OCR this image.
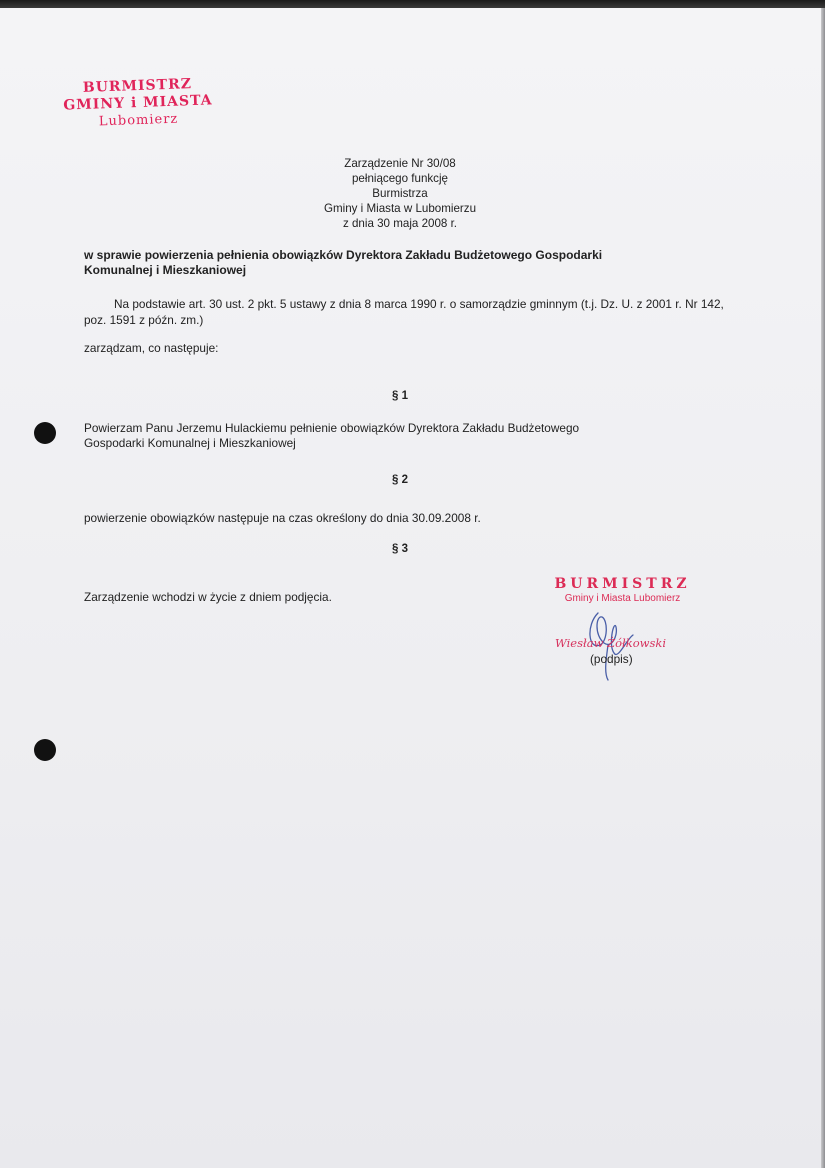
BURMISTRZ
GMINY i MIASTA
Lubomierz
Zarządzenie Nr 30/08
pełniącego funkcję
Burmistrza
Gminy i Miasta w Lubomierzu
z dnia 30 maja 2008 r.
w sprawie powierzenia pełnienia obowiązków Dyrektora Zakładu Budżetowego Gospodarki
Komunalnej i Mieszkaniowej
Na podstawie art. 30 ust. 2 pkt. 5 ustawy z dnia 8 marca 1990 r. o samorządzie gminnym (t.j. Dz. U. z 2001 r. Nr 142, poz. 1591 z późn. zm.)
zarządzam, co następuje:
§ 1
Powierzam Panu Jerzemu Hulackiemu pełnienie obowiązków Dyrektora Zakładu Budżetowego
Gospodarki Komunalnej i Mieszkaniowej
§ 2
powierzenie obowiązków następuje na czas określony do dnia 30.09.2008 r.
§ 3
Zarządzenie wchodzi w życie z dniem podjęcia.
BURMISTRZ
Gminy i Miasta Lubomierz
Wiesław Żółkowski
(podpis)
